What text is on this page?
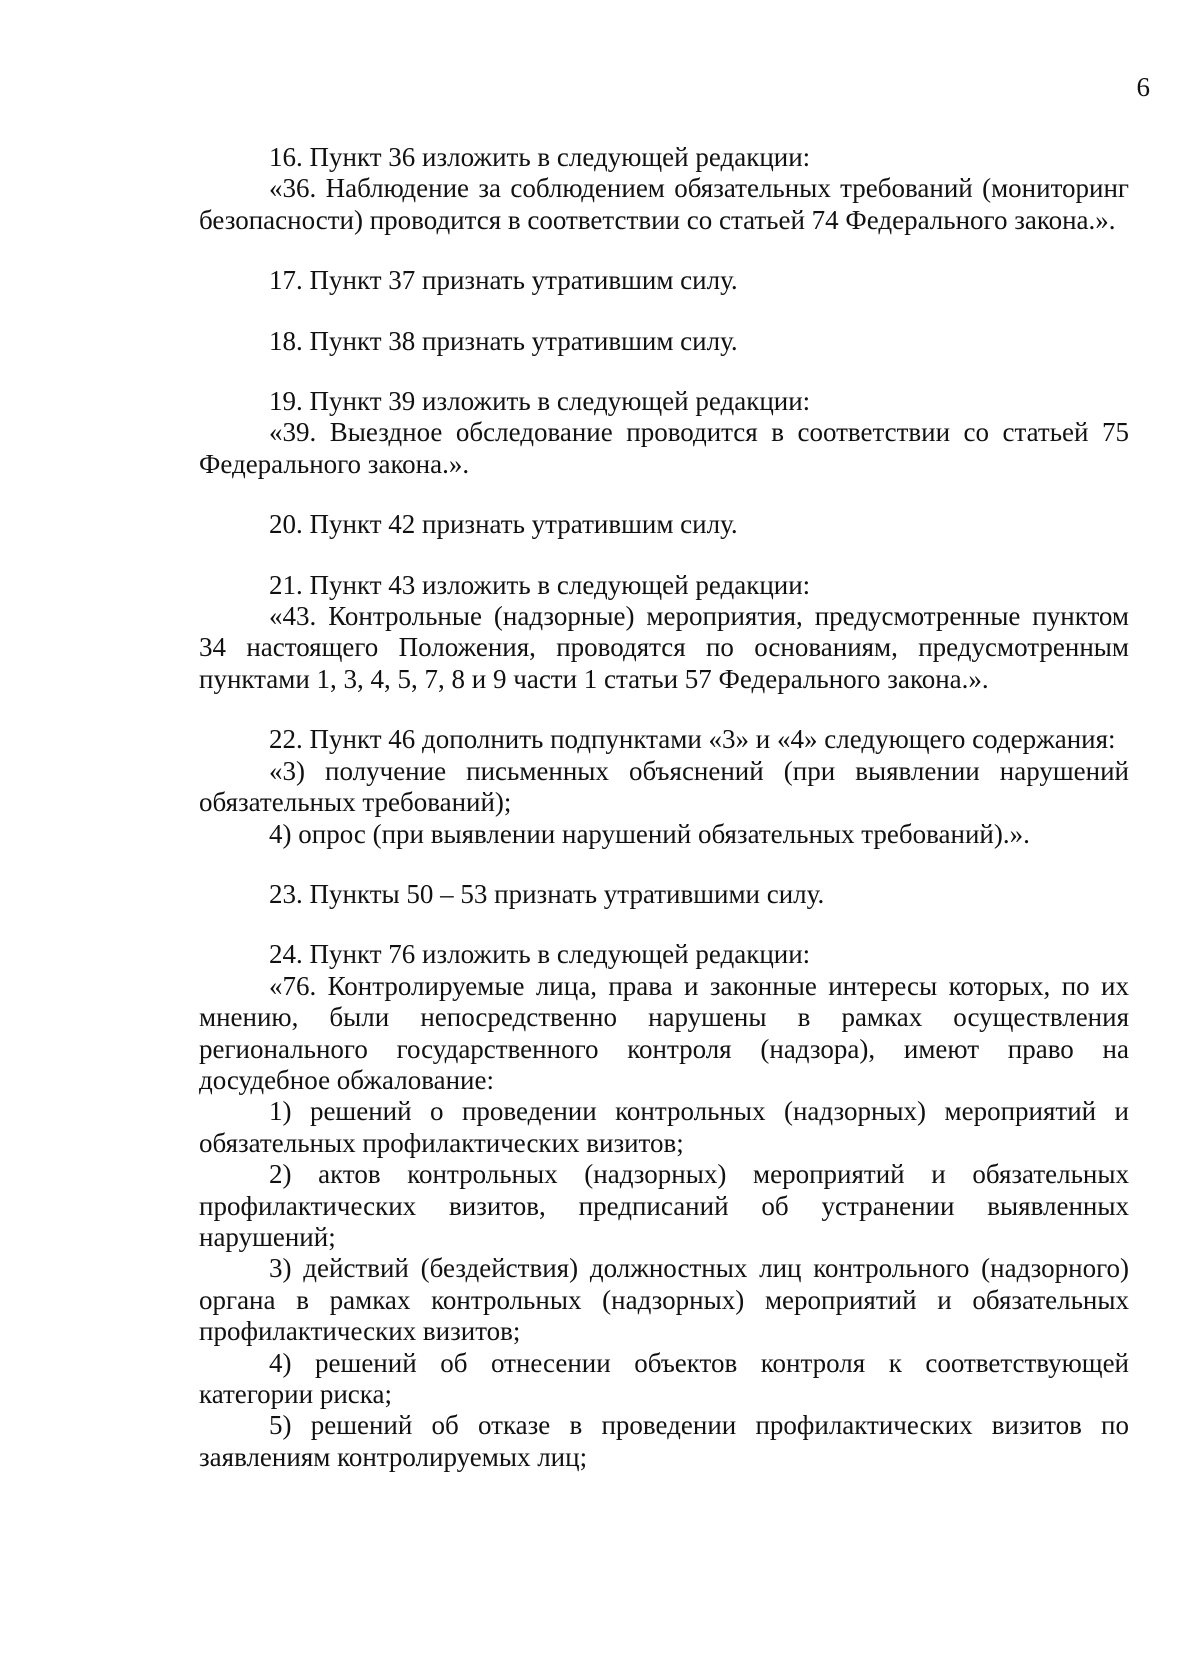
6

16. Пункт 36 изложить в следующей редакции:

«36. Наблюдение за соблюдением обязательных требований (мониторинг безопасности) проводится в соответствии со статьей 74 Федерального закона.».

17. Пункт 37 признать утратившим силу.

18. Пункт 38 признать утратившим силу.

19. Пункт 39 изложить в следующей редакции:

«39. Выездное обследование проводится в соответствии со статьей 75 Федерального закона.».

20. Пункт 42 признать утратившим силу.

21. Пункт 43 изложить в следующей редакции:

«43. Контрольные (надзорные) мероприятия, предусмотренные пунктом 34 настоящего Положения, проводятся по основаниям, предусмотренным пунктами 1, 3, 4, 5, 7, 8 и 9 части 1 статьи 57 Федерального закона.».

22. Пункт 46 дополнить подпунктами «3» и «4» следующего содержания:

«3) получение письменных объяснений (при выявлении нарушений обязательных требований);

4) опрос (при выявлении нарушений обязательных требований).».

23. Пункты 50 – 53 признать утратившими силу.

24. Пункт 76 изложить в следующей редакции:

«76. Контролируемые лица, права и законные интересы которых, по их мнению, были непосредственно нарушены в рамках осуществления регионального государственного контроля (надзора), имеют право на досудебное обжалование:

1) решений о проведении контрольных (надзорных) мероприятий и обязательных профилактических визитов;

2) актов контрольных (надзорных) мероприятий и обязательных профилактических визитов, предписаний об устранении выявленных нарушений;

3) действий (бездействия) должностных лиц контрольного (надзорного) органа в рамках контрольных (надзорных) мероприятий и обязательных профилактических визитов;

4) решений об отнесении объектов контроля к соответствующей категории риска;

5) решений об отказе в проведении профилактических визитов по заявлениям контролируемых лиц;
